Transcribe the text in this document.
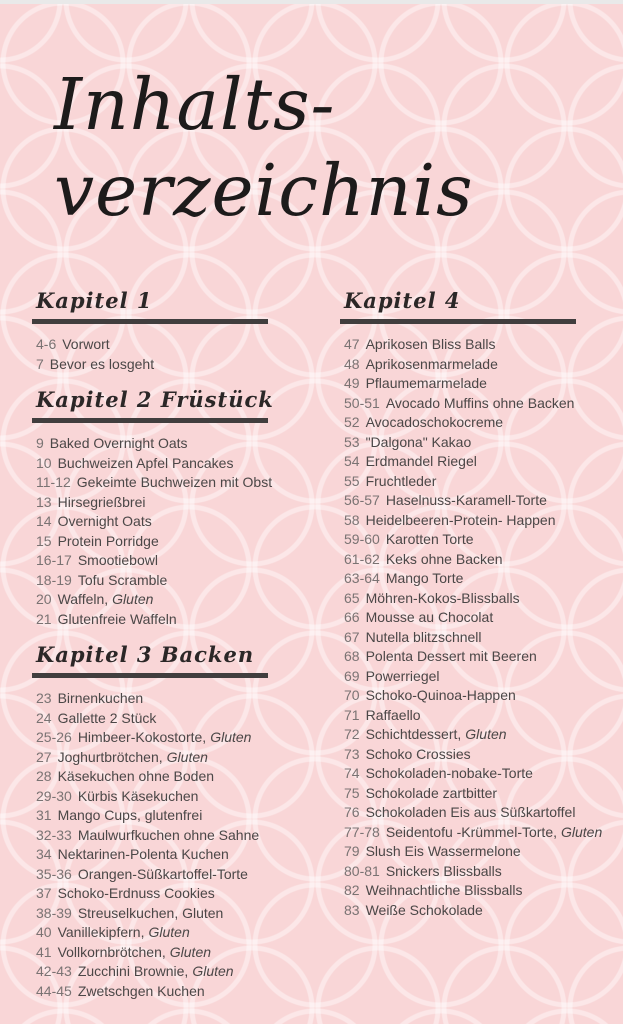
Inhalts-
verzeichnis
Kapitel 1
4-6 Vorwort
7 Bevor es losgeht
Kapitel 2 Früstück
9 Baked Overnight Oats
10 Buchweizen Apfel Pancakes
11-12 Gekeimte Buchweizen mit Obst
13 Hirsegrießbrei
14 Overnight Oats
15 Protein Porridge
16-17 Smootiebowl
18-19 Tofu Scramble
20 Waffeln, Gluten
21 Glutenfreie Waffeln
Kapitel 3 Backen
23 Birnenkuchen
24 Gallette 2 Stück
25-26 Himbeer-Kokostorte, Gluten
27 Joghurtbrötchen, Gluten
28 Käsekuchen ohne Boden
29-30 Kürbis Käsekuchen
31 Mango Cups, glutenfrei
32-33 Maulwurfkuchen ohne Sahne
34 Nektarinen-Polenta Kuchen
35-36 Orangen-Süßkartoffel-Torte
37 Schoko-Erdnuss Cookies
38-39 Streuselkuchen, Gluten
40 Vanillekipfern, Gluten
41 Vollkornbrötchen, Gluten
42-43 Zucchini Brownie, Gluten
44-45 Zwetschgen Kuchen
Kapitel 4
47 Aprikosen Bliss Balls
48 Aprikosenmarmelade
49 Pflaumemarmelade
50-51 Avocado Muffins ohne Backen
52 Avocadoschokocreme
53 "Dalgona" Kakao
54 Erdmandel Riegel
55 Fruchtleder
56-57 Haselnuss-Karamell-Torte
58 Heidelbeeren-Protein- Happen
59-60 Karotten Torte
61-62 Keks ohne Backen
63-64 Mango Torte
65 Möhren-Kokos-Blissballs
66 Mousse au Chocolat
67 Nutella blitzschnell
68 Polenta Dessert mit Beeren
69 Powerriegel
70 Schoko-Quinoa-Happen
71 Raffaello
72 Schichtdessert, Gluten
73 Schoko Crossies
74 Schokoladen-nobake-Torte
75 Schokolade zartbitter
76 Schokoladen Eis aus Süßkartoffel
77-78 Seidentofu -Krümmel-Torte, Gluten
79 Slush Eis Wassermelone
80-81 Snickers Blissballs
82 Weihnachtliche Blissballs
83 Weiße Schokolade
